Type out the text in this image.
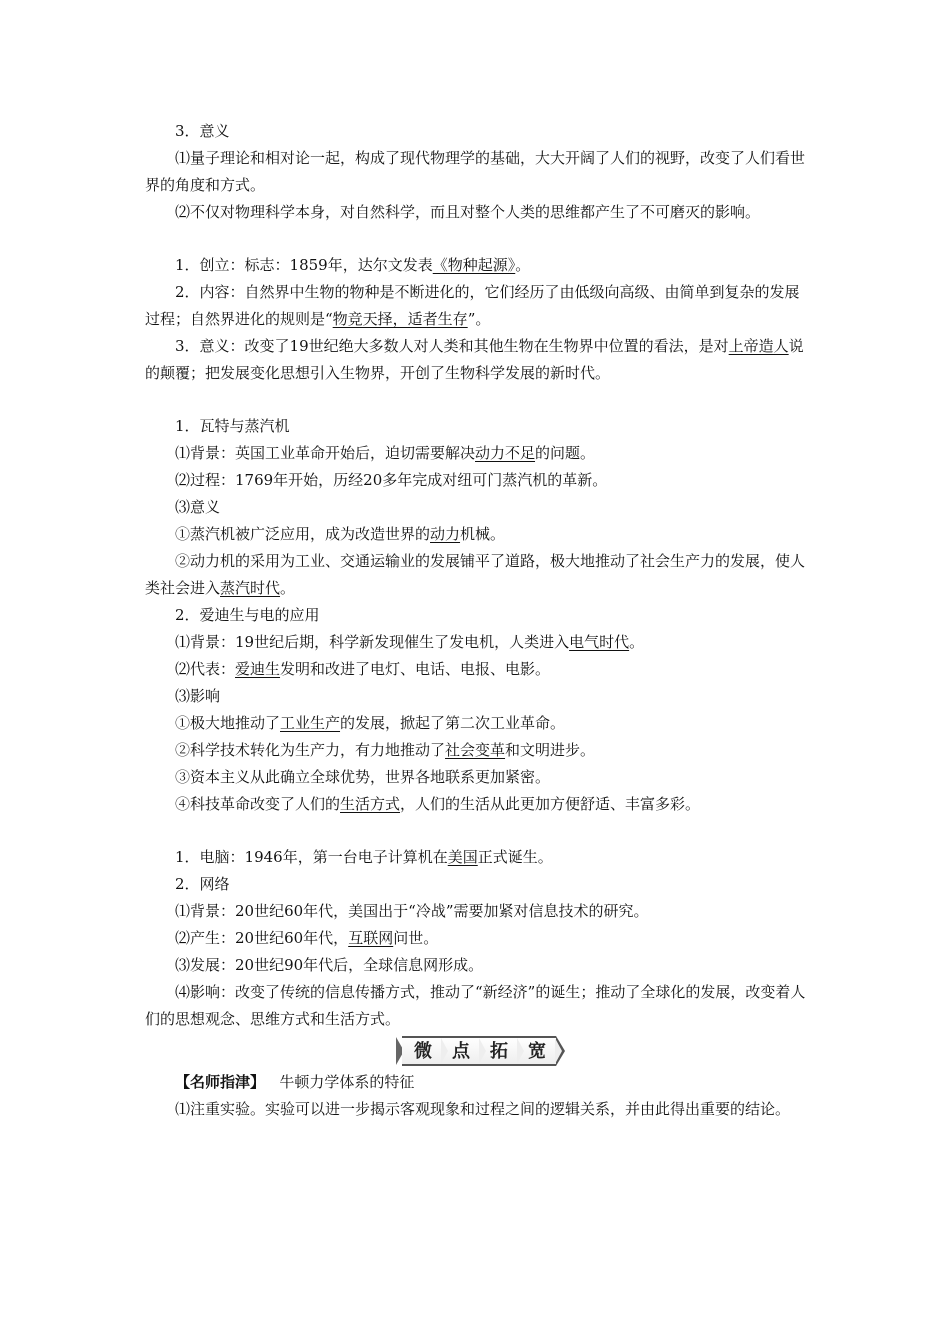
3．意义

⑴量子理论和相对论一起，构成了现代物理学的基础，大大开阔了人们的视野，改变了人们看世界的角度和方式。

⑵不仅对物理科学本身，对自然科学，而且对整个人类的思维都产生了不可磨灭的影响。

1．创立：标志：1859年，达尔文发表《物种起源》。

2．内容：自然界中生物的物种是不断进化的，它们经历了由低级向高级、由简单到复杂的发展过程；自然界进化的规则是“物竞天择，适者生存”。

3．意义：改变了19世纪绝大多数人对人类和其他生物在生物界中位置的看法，是对上帝造人说的颠覆；把发展变化思想引入生物界，开创了生物科学发展的新时代。

1．瓦特与蒸汽机

⑴背景：英国工业革命开始后，迫切需要解决动力不足的问题。

⑵过程：1769年开始，历经20多年完成对纽可门蒸汽机的革新。

⑶意义

①蒸汽机被广泛应用，成为改造世界的动力机械。

②动力机的采用为工业、交通运输业的发展铺平了道路，极大地推动了社会生产力的发展，使人类社会进入蒸汽时代。

2．爱迪生与电的应用

⑴背景：19世纪后期，科学新发现催生了发电机，人类进入电气时代。

⑵代表：爱迪生发明和改进了电灯、电话、电报、电影。

⑶影响

①极大地推动了工业生产的发展，掀起了第二次工业革命。

②科学技术转化为生产力，有力地推动了社会变革和文明进步。

③资本主义从此确立全球优势，世界各地联系更加紧密。

④科技革命改变了人们的生活方式，人们的生活从此更加方便舒适、丰富多彩。

1．电脑：1946年，第一台电子计算机在美国正式诞生。

2．网络

⑴背景：20世纪60年代，美国出于“冷战”需要加紧对信息技术的研究。

⑵产生：20世纪60年代，互联网问世。

⑶发展：20世纪90年代后，全球信息网形成。

⑷影响：改变了传统的信息传播方式，推动了“新经济”的诞生；推动了全球化的发展，改变着人们的思想观念、思维方式和生活方式。

微	点	拓	宽

【名师指津】 牛顿力学体系的特征

⑴注重实验。实验可以进一步揭示客观现象和过程之间的逻辑关系，并由此得出重要的结论。
